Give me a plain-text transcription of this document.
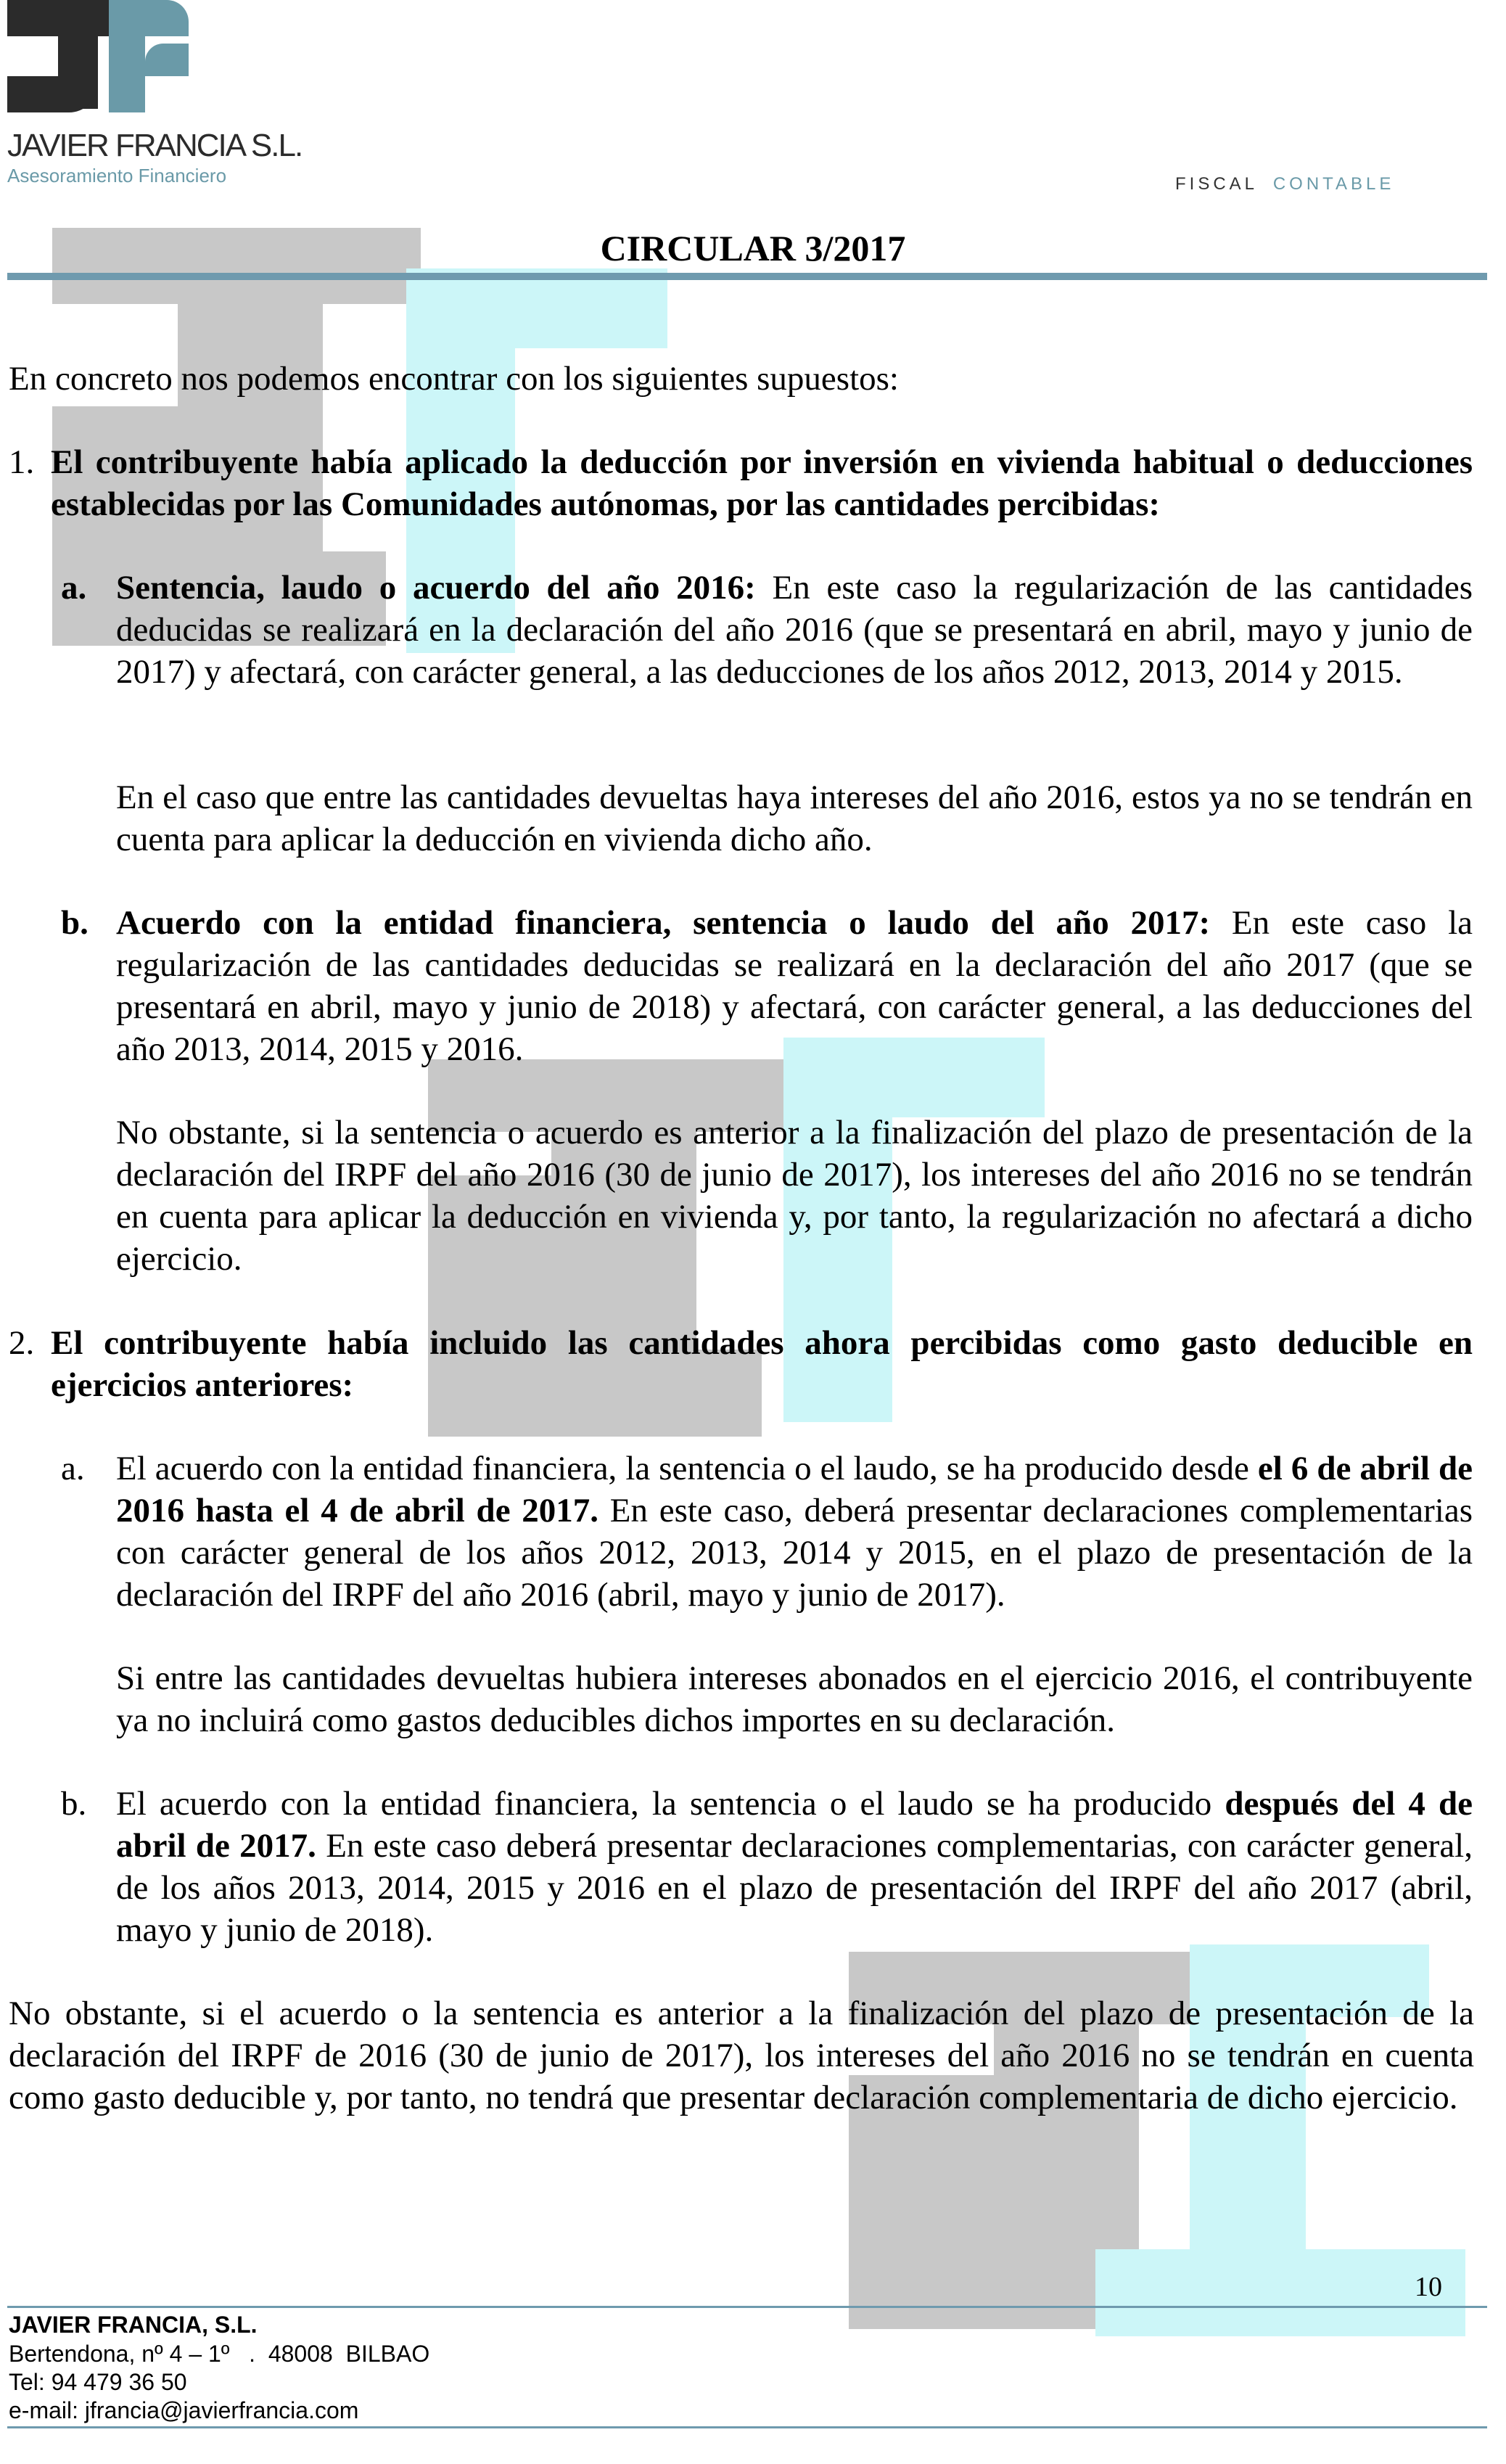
JAVIER FRANCIA S.L.
Asesoramiento Financiero	FISCAL CONTABLE
CIRCULAR 3/2017
En concreto nos podemos encontrar con los siguientes supuestos:
1. El contribuyente había aplicado la deducción por inversión en vivienda habitual o deducciones establecidas por las Comunidades autónomas, por las cantidades percibidas:
a. Sentencia, laudo o acuerdo del año 2016: En este caso la regularización de las cantidades deducidas se realizará en la declaración del año 2016 (que se presentará en abril, mayo y junio de 2017) y afectará, con carácter general, a las deducciones de los años 2012, 2013, 2014 y 2015.
En el caso que entre las cantidades devueltas haya intereses del año 2016, estos ya no se tendrán en cuenta para aplicar la deducción en vivienda dicho año.
b. Acuerdo con la entidad financiera, sentencia o laudo del año 2017: En este caso la regularización de las cantidades deducidas se realizará en la declaración del año 2017 (que se presentará en abril, mayo y junio de 2018) y afectará, con carácter general, a las deducciones del año 2013, 2014, 2015 y 2016.
No obstante, si la sentencia o acuerdo es anterior a la finalización del plazo de presentación de la declaración del IRPF del año 2016 (30 de junio de 2017), los intereses del año 2016 no se tendrán en cuenta para aplicar la deducción en vivienda y, por tanto, la regularización no afectará a dicho ejercicio.
2. El contribuyente había incluido las cantidades ahora percibidas como gasto deducible en ejercicios anteriores:
a. El acuerdo con la entidad financiera, la sentencia o el laudo, se ha producido desde el 6 de abril de 2016 hasta el 4 de abril de 2017. En este caso, deberá presentar declaraciones complementarias con carácter general de los años 2012, 2013, 2014 y 2015, en el plazo de presentación de la declaración del IRPF del año 2016 (abril, mayo y junio de 2017).
Si entre las cantidades devueltas hubiera intereses abonados en el ejercicio 2016, el contribuyente ya no incluirá como gastos deducibles dichos importes en su declaración.
b. El acuerdo con la entidad financiera, la sentencia o el laudo se ha producido después del 4 de abril de 2017. En este caso deberá presentar declaraciones complementarias, con carácter general, de los años 2013, 2014, 2015 y 2016 en el plazo de presentación del IRPF del año 2017 (abril, mayo y junio de 2018).
No obstante, si el acuerdo o la sentencia es anterior a la finalización del plazo de presentación de la declaración del IRPF de 2016 (30 de junio de 2017), los intereses del año 2016 no se tendrán en cuenta como gasto deducible y, por tanto, no tendrá que presentar declaración complementaria de dicho ejercicio.
10
JAVIER FRANCIA, S.L.
Bertendona, nº 4 – 1º   .  48008  BILBAO
Tel: 94 479 36 50
e-mail: jfrancia@javierfrancia.com
